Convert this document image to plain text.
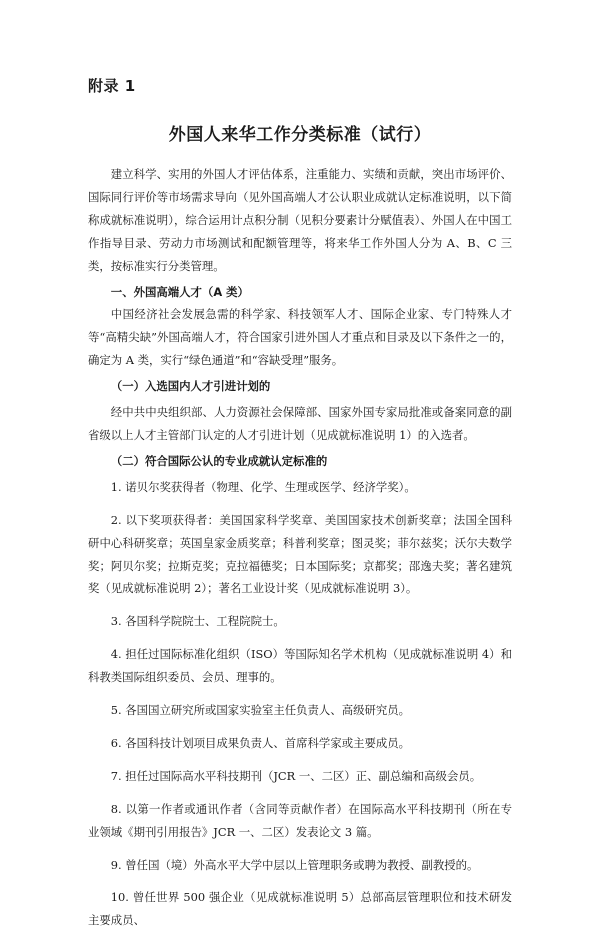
附录 1
外国人来华工作分类标准（试行）

建立科学、实用的外国人才评估体系，注重能力、实绩和贡献，突出市场评价、国际同行评价等市场需求导向（见外国高端人才公认职业成就认定标准说明，以下简称成就标准说明），综合运用计点积分制（见积分要素计分赋值表）、外国人在中国工作指导目录、劳动力市场测试和配额管理等，将来华工作外国人分为 A、B、C 三类，按标准实行分类管理。

一、外国高端人才（A 类）

中国经济社会发展急需的科学家、科技领军人才、国际企业家、专门特殊人才等“高精尖缺”外国高端人才，符合国家引进外国人才重点和目录及以下条件之一的，确定为 A 类，实行“绿色通道”和“容缺受理”服务。

（一）入选国内人才引进计划的

经中共中央组织部、人力资源社会保障部、国家外国专家局批准或备案同意的副省级以上人才主管部门认定的人才引进计划（见成就标准说明 1）的入选者。

（二）符合国际公认的专业成就认定标准的

1. 诺贝尔奖获得者（物理、化学、生理或医学、经济学奖）。

2. 以下奖项获得者：美国国家科学奖章、美国国家技术创新奖章；法国全国科研中心科研奖章；英国皇家金质奖章；科普利奖章；图灵奖；菲尔兹奖；沃尔夫数学奖；阿贝尔奖；拉斯克奖；克拉福德奖；日本国际奖；京都奖；邵逸夫奖；著名建筑奖（见成就标准说明 2）；著名工业设计奖（见成就标准说明 3）。

3. 各国科学院院士、工程院院士。

4. 担任过国际标准化组织（ISO）等国际知名学术机构（见成就标准说明 4）和科教类国际组织委员、会员、理事的。

5. 各国国立研究所或国家实验室主任负责人、高级研究员。

6. 各国科技计划项目成果负责人、首席科学家或主要成员。

7. 担任过国际高水平科技期刊（JCR 一、二区）正、副总编和高级会员。

8. 以第一作者或通讯作者（含同等贡献作者）在国际高水平科技期刊（所在专业领域《期刊引用报告》JCR 一、二区）发表论文 3 篇。

9. 曾任国（境）外高水平大学中层以上管理职务或聘为教授、副教授的。

10. 曾任世界 500 强企业（见成就标准说明 5）总部高层管理职位和技术研发主要成员、
